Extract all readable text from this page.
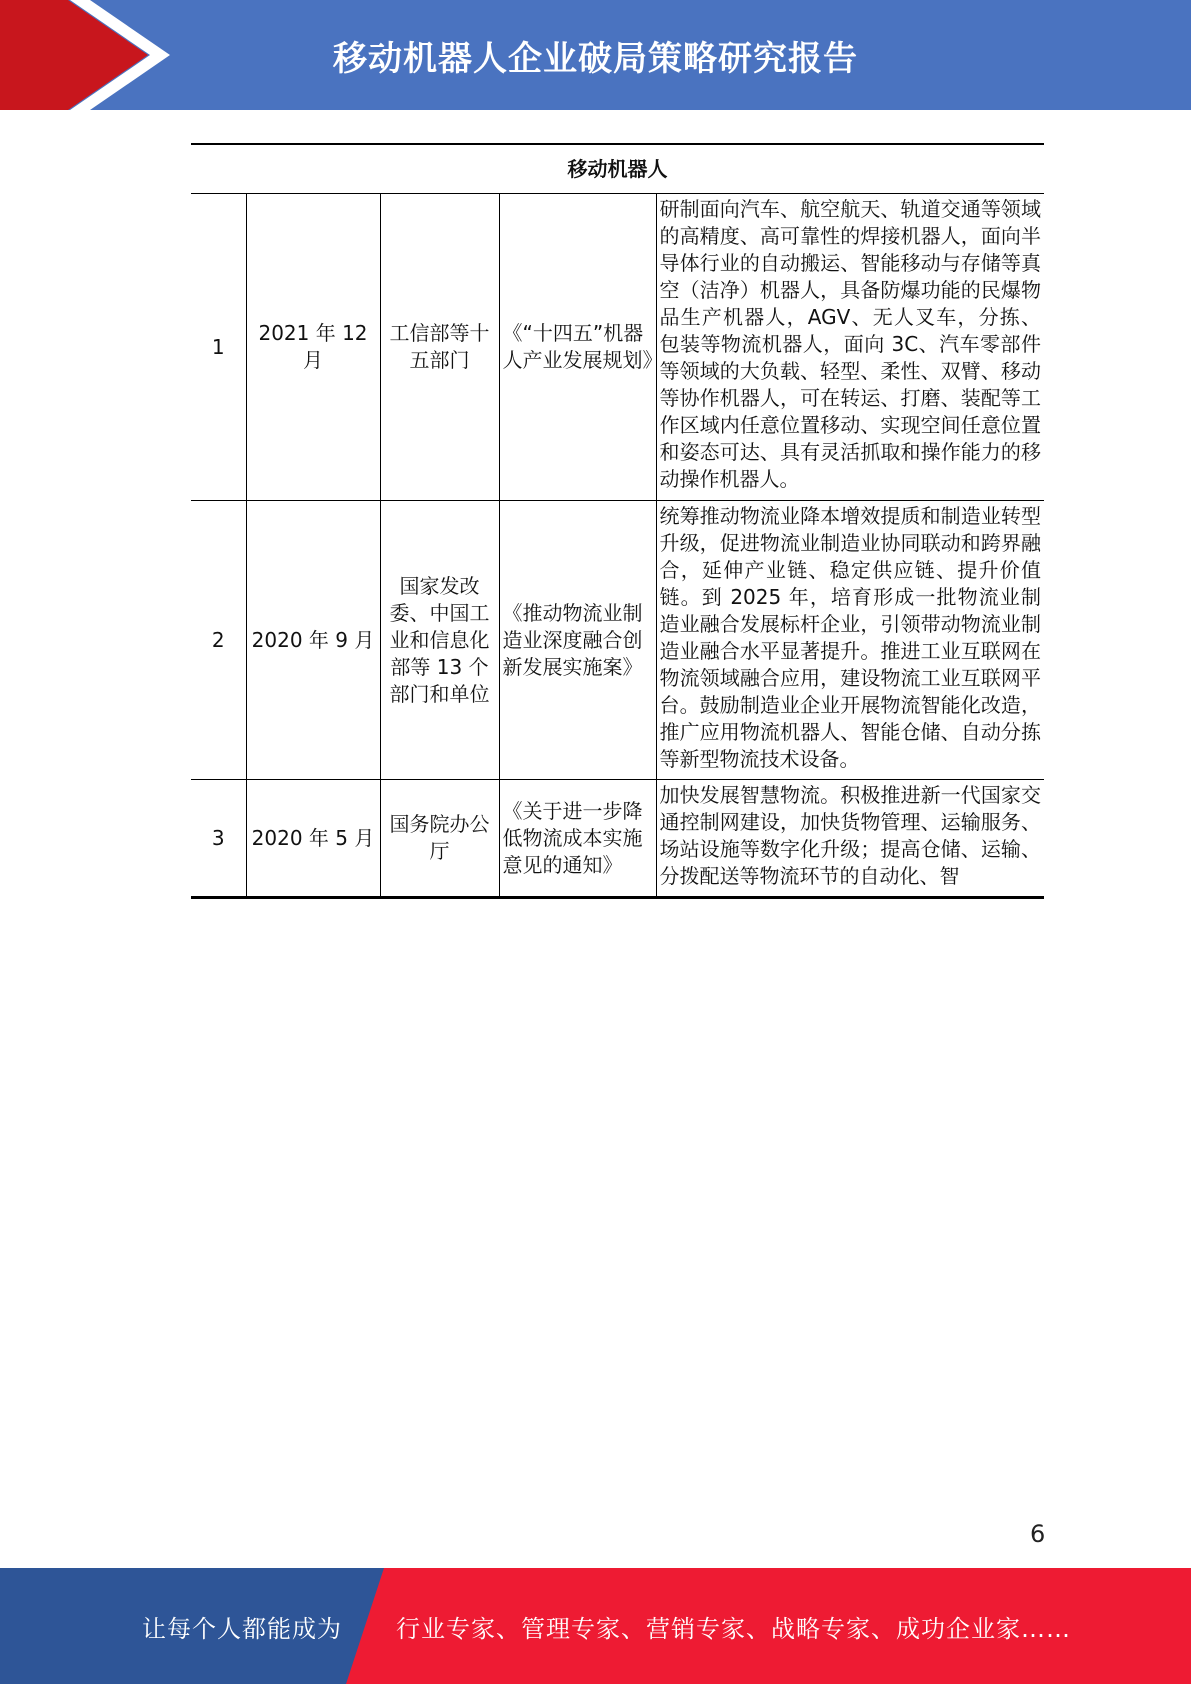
移动机器人企业破局策略研究报告

移动机器人				
1	2021 年 12 月	工信部等十五部门	《“十四五”机器人产业发展规划》	研制面向汽车、航空航天、轨道交通等领域的高精度、高可靠性的焊接机器人，面向半导体行业的自动搬运、智能移动与存储等真空（洁净）机器人，具备防爆功能的民爆物品生产机器人，AGV、无人叉车，分拣、包装等物流机器人，面向 3C、汽车零部件等领域的大负载、轻型、柔性、双臂、移动等协作机器人，可在转运、打磨、装配等工作区域内任意位置移动、实现空间任意位置和姿态可达、具有灵活抓取和操作能力的移动操作机器人。
2	2020 年 9 月	国家发改委、中国工业和信息化部等 13 个部门和单位	《推动物流业制造业深度融合创新发展实施案》	统筹推动物流业降本增效提质和制造业转型升级，促进物流业制造业协同联动和跨界融合，延伸产业链、稳定供应链、提升价值链。到 2025 年，培育形成一批物流业制造业融合发展标杆企业，引领带动物流业制造业融合水平显著提升。推进工业互联网在物流领域融合应用，建设物流工业互联网平台。鼓励制造业企业开展物流智能化改造，推广应用物流机器人、智能仓储、自动分拣等新型物流技术设备。
3	2020 年 5 月	国务院办公厅	《关于进一步降低物流成本实施意见的通知》	加快发展智慧物流。积极推进新一代国家交通控制网建设，加快货物管理、运输服务、场站设施等数字化升级；提高仓储、运输、分拨配送等物流环节的自动化、智
6
让每个人都能成为 行业专家、管理专家、营销专家、战略专家、成功企业家……
